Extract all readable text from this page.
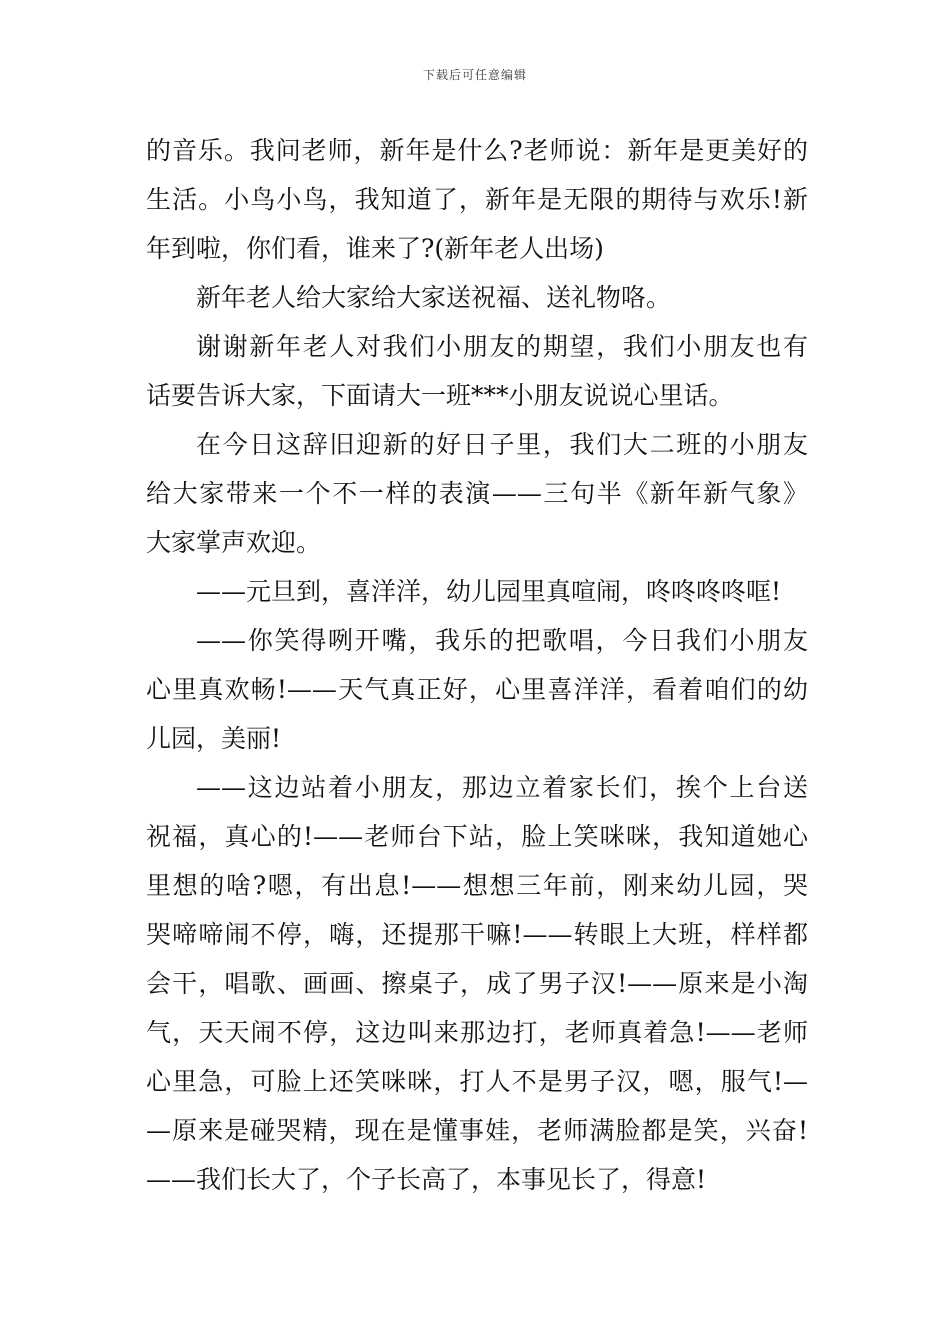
下载后可任意编辑
的音乐。我问老师，新年是什么?老师说：新年是更美好的
生活。小鸟小鸟，我知道了，新年是无限的期待与欢乐!新
年到啦，你们看，谁来了?(新年老人出场)
新年老人给大家给大家送祝福、送礼物咯。
谢谢新年老人对我们小朋友的期望，我们小朋友也有
话要告诉大家，下面请大一班***小朋友说说心里话。
在今日这辞旧迎新的好日子里，我们大二班的小朋友
给大家带来一个不一样的表演——三句半《新年新气象》
大家掌声欢迎。
——元旦到，喜洋洋，幼儿园里真喧闹，咚咚咚咚哐!
——你笑得咧开嘴，我乐的把歌唱，今日我们小朋友
心里真欢畅!——天气真正好，心里喜洋洋，看着咱们的幼
儿园，美丽!
——这边站着小朋友，那边立着家长们，挨个上台送
祝福，真心的!——老师台下站，脸上笑咪咪，我知道她心
里想的啥?嗯，有出息!——想想三年前，刚来幼儿园，哭
哭啼啼闹不停，嗨，还提那干嘛!——转眼上大班，样样都
会干，唱歌、画画、擦桌子，成了男子汉!——原来是小淘
气，天天闹不停，这边叫来那边打，老师真着急!——老师
心里急，可脸上还笑咪咪，打人不是男子汉，嗯，服气!—
—原来是碰哭精，现在是懂事娃，老师满脸都是笑，兴奋!
——我们长大了，个子长高了，本事见长了，得意!
